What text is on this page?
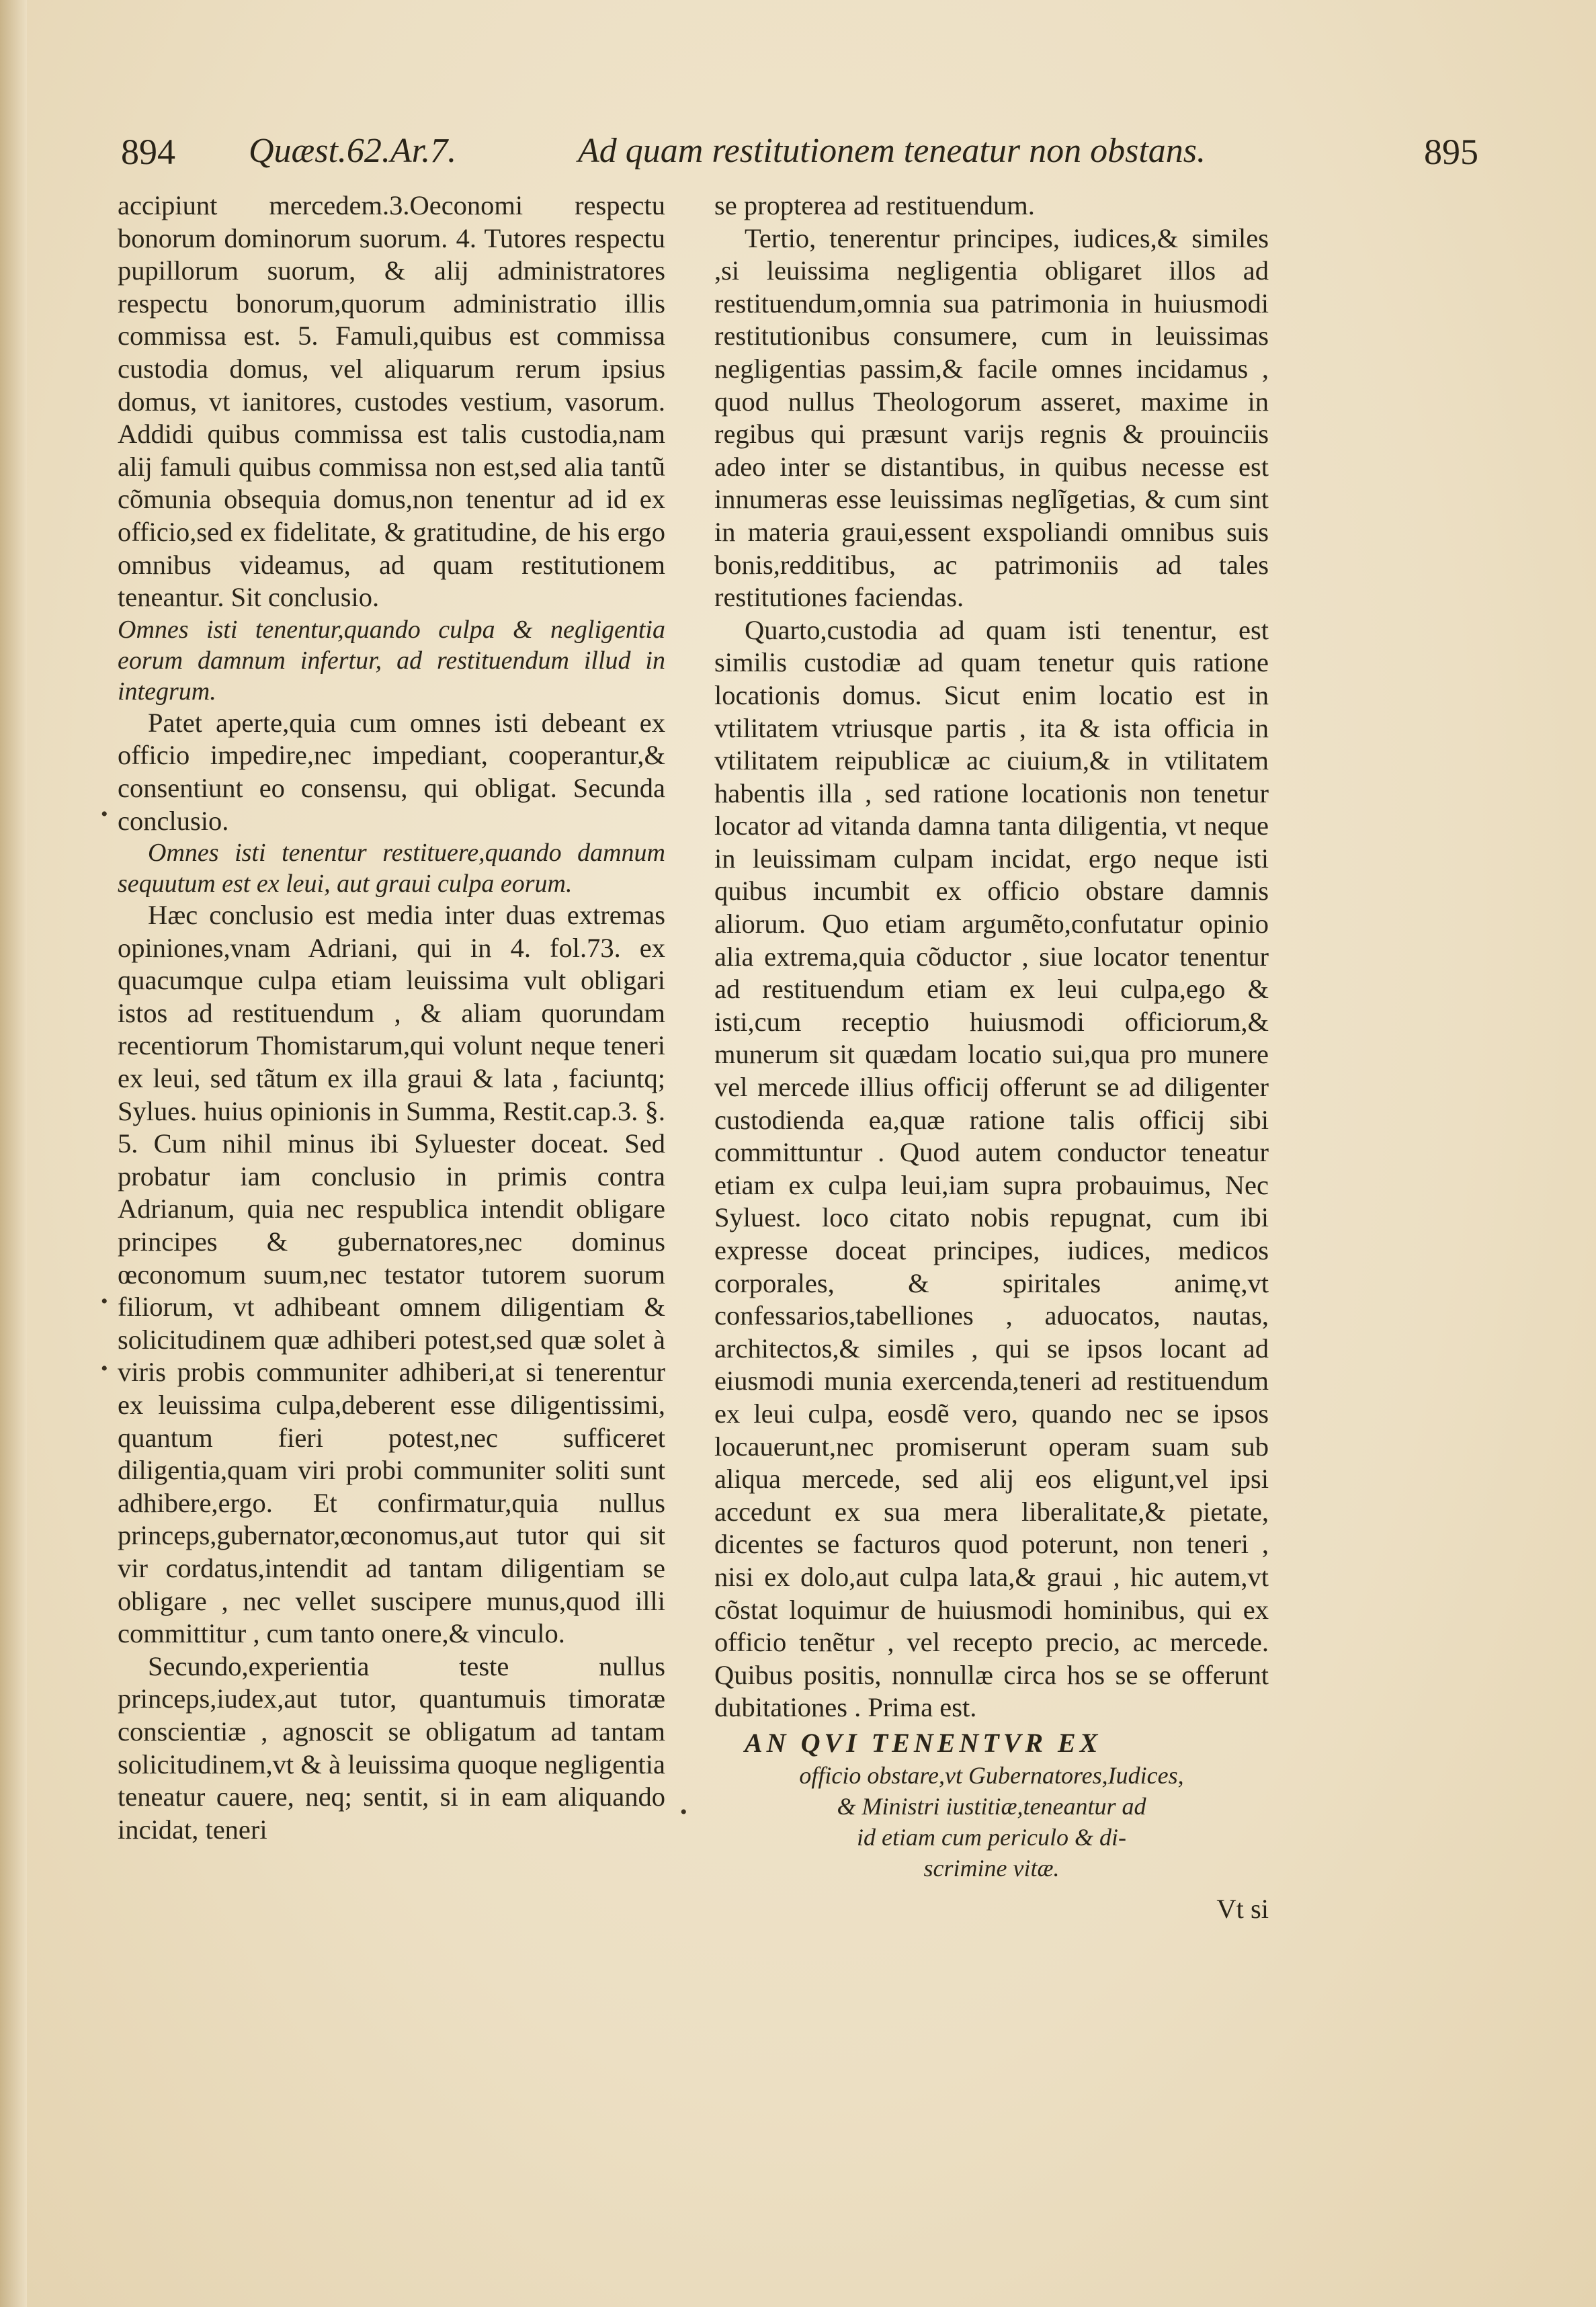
894 Quæst.62.Ar.7.	Ad quam restitutionem teneatur non obstans.	895

accipiunt mercedem.3.Oeconomi respectu bonorum dominorum suorum. 4. Tutores respectu pupillorum suorum, & alij administratores respectu bonorum,quorum administratio illis commissa est. 5. Famuli,quibus est commissa custodia domus, vel aliquarum rerum ipsius domus, vt ianitores, custodes vestium, vasorum. Addidi quibus commissa est talis custodia,nam alij famuli quibus commissa non est,sed alia tantũ cõmunia obsequia domus,non tenentur ad id ex officio,sed ex fidelitate, & gratitudine, de his ergo omnibus videamus, ad quam restitutionem teneantur. Sit conclusio.

Omnes isti tenentur,quando culpa & negligentia eorum damnum infertur, ad restituendum illud in integrum.

Patet aperte,quia cum omnes isti debeant ex officio impedire,nec impediant, cooperantur,& consentiunt eo consensu, qui obligat. Secunda conclusio.

Omnes isti tenentur restituere,quando damnum sequutum est ex leui, aut graui culpa eorum.

Hæc conclusio est media inter duas extremas opiniones,vnam Adriani, qui in 4. fol.73. ex quacumque culpa etiam leuissima vult obligari istos ad restituendum , & aliam quorundam recentiorum Thomistarum,qui volunt neque teneri ex leui, sed tãtum ex illa graui & lata , faciuntq; Sylues. huius opinionis in Summa, Restit.cap.3. §. 5. Cum nihil minus ibi Syluester doceat. Sed probatur iam conclusio in primis contra Adrianum, quia nec respublica intendit obligare principes & gubernatores,nec dominus œconomum suum,nec testator tutorem suorum filiorum, vt adhibeant omnem diligentiam & solicitudinem quæ adhiberi potest,sed quæ solet à viris probis communiter adhiberi,at si tenerentur ex leuissima culpa,deberent esse diligentissimi, quantum fieri potest,nec sufficeret diligentia,quam viri probi communiter soliti sunt adhibere,ergo. Et confirmatur,quia nullus princeps,gubernator,œconomus,aut tutor qui sit vir cordatus,intendit ad tantam diligentiam se obligare , nec vellet suscipere munus,quod illi committitur , cum tanto onere,& vinculo.

Secundo,experientia teste nullus princeps,iudex,aut tutor, quantumuis timoratæ conscientiæ , agnoscit se obligatum ad tantam solicitudinem,vt & à leuissima quoque negligentia teneatur cauere, neq; sentit, si in eam aliquando incidat, teneri

se propterea ad restituendum.

Tertio, tenerentur principes, iudices,& similes ,si leuissima negligentia obligaret illos ad restituendum,omnia sua patrimonia in huiusmodi restitutionibus consumere, cum in leuissimas negligentias passim,& facile omnes incidamus , quod nullus Theologorum asseret, maxime in regibus qui præsunt varijs regnis & prouinciis adeo inter se distantibus, in quibus necesse est innumeras esse leuissimas neglĩgetias, & cum sint in materia graui,essent exspoliandi omnibus suis bonis,redditibus, ac patrimoniis ad tales restitutiones faciendas.

Quarto,custodia ad quam isti tenentur, est similis custodiæ ad quam tenetur quis ratione locationis domus. Sicut enim locatio est in vtilitatem vtriusque partis , ita & ista officia in vtilitatem reipublicæ ac ciuium,& in vtilitatem habentis illa , sed ratione locationis non tenetur locator ad vitanda damna tanta diligentia, vt neque in leuissimam culpam incidat, ergo neque isti quibus incumbit ex officio obstare damnis aliorum. Quo etiam argumẽto,confutatur opinio alia extrema,quia cõductor , siue locator tenentur ad restituendum etiam ex leui culpa,ego & isti,cum receptio huiusmodi officiorum,& munerum sit quædam locatio sui,qua pro munere vel mercede illius officij offerunt se ad diligenter custodienda ea,quæ ratione talis officij sibi committuntur . Quod autem conductor teneatur etiam ex culpa leui,iam supra probauimus, Nec Syluest. loco citato nobis repugnat, cum ibi expresse doceat principes, iudices, medicos corporales, & spiritales animę,vt confessarios,tabelliones , aduocatos, nautas, architectos,& similes , qui se ipsos locant ad eiusmodi munia exercenda,teneri ad restituendum ex leui culpa, eosdẽ vero, quando nec se ipsos locauerunt,nec promiserunt operam suam sub aliqua mercede, sed alij eos eligunt,vel ipsi accedunt ex sua mera liberalitate,& pietate, dicentes se facturos quod poterunt, non teneri , nisi ex dolo,aut culpa lata,& graui , hic autem,vt cõstat loquimur de huiusmodi hominibus, qui ex officio tenẽtur , vel recepto precio, ac mercede. Quibus positis, nonnullæ circa hos se se offerunt dubitationes . Prima est.

AN QVI TENENTVR EX

officio obstare,vt Gubernatores,Iudices,

& Ministri iustitiæ,teneantur ad

id etiam cum periculo & di-

scrimine vitæ.

Vt si

•
•
•
•
